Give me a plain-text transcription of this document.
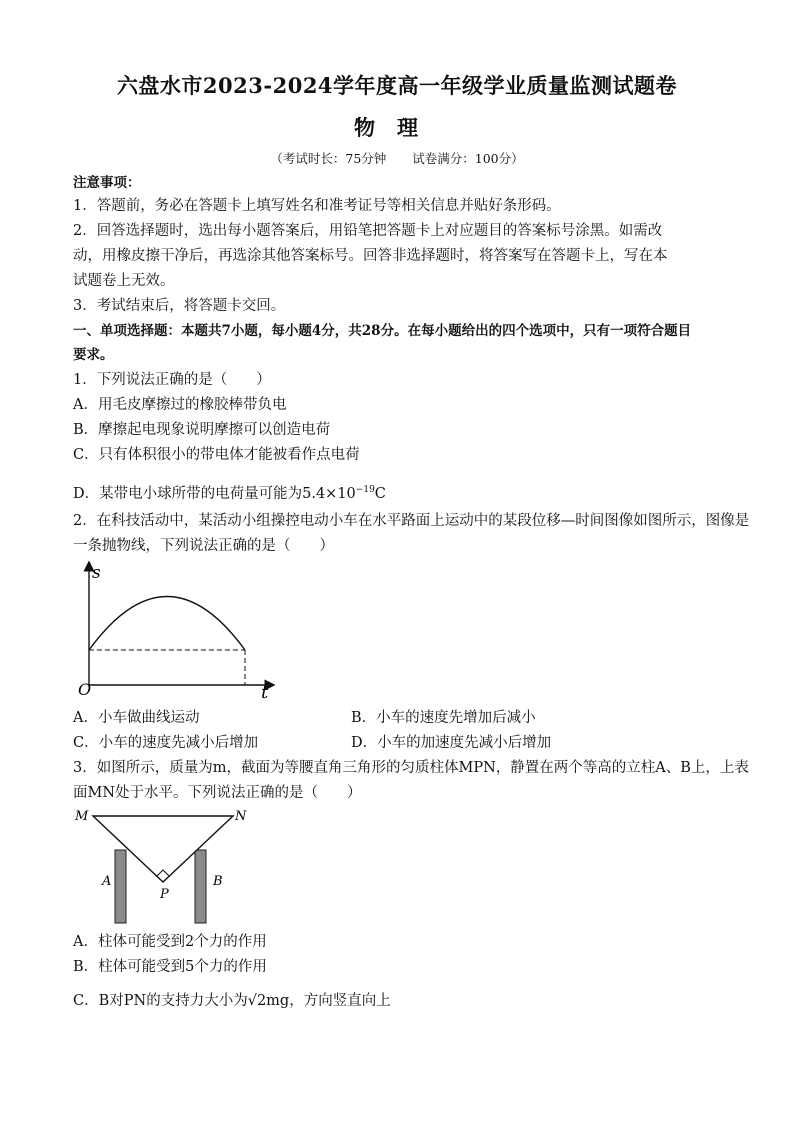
六盘水市2023-2024学年度高一年级学业质量监测试题卷
物理
（考试时长：75分钟 试卷满分：100分）
注意事项：
1．答题前，务必在答题卡上填写姓名和准考证号等相关信息并贴好条形码。
2．回答选择题时，选出每小题答案后，用铅笔把答题卡上对应题目的答案标号涂黑。如需改
动，用橡皮擦干净后，再选涂其他答案标号。回答非选择题时，将答案写在答题卡上，写在本
试题卷上无效。
3．考试结束后，将答题卡交回。
一、单项选择题：本题共7小题，每小题4分，共28分。在每小题给出的四个选项中，只有一项符合题目
要求。
1．下列说法正确的是（　　）
A．用毛皮摩擦过的橡胶棒带负电
B．摩擦起电现象说明摩擦可以创造电荷
C．只有体积很小的带电体才能被看作点电荷
D．某带电小球所带的电荷量可能为$5.4\times 10^{-19}C$
2．在科技活动中，某活动小组操控电动小车在水平路面上运动中的某段位移—时间图像如图所示，图像是
一条抛物线，下列说法正确的是（　　）
s
t
O
A．小车做曲线运动	B．小车的速度先增加后减小
C．小车的速度先减小后增加	D．小车的加速度先减小后增加
3．如图所示，质量为m，截面为等腰直角三角形的匀质柱体MPN，静置在两个等高的立柱A、B上，上表
面MN处于水平。下列说法正确的是（　　）
M	N
A	B
P
A．柱体可能受到2个力的作用
B．柱体可能受到5个力的作用
C．B对PN的支持力大小为√2mg，方向竖直向上
